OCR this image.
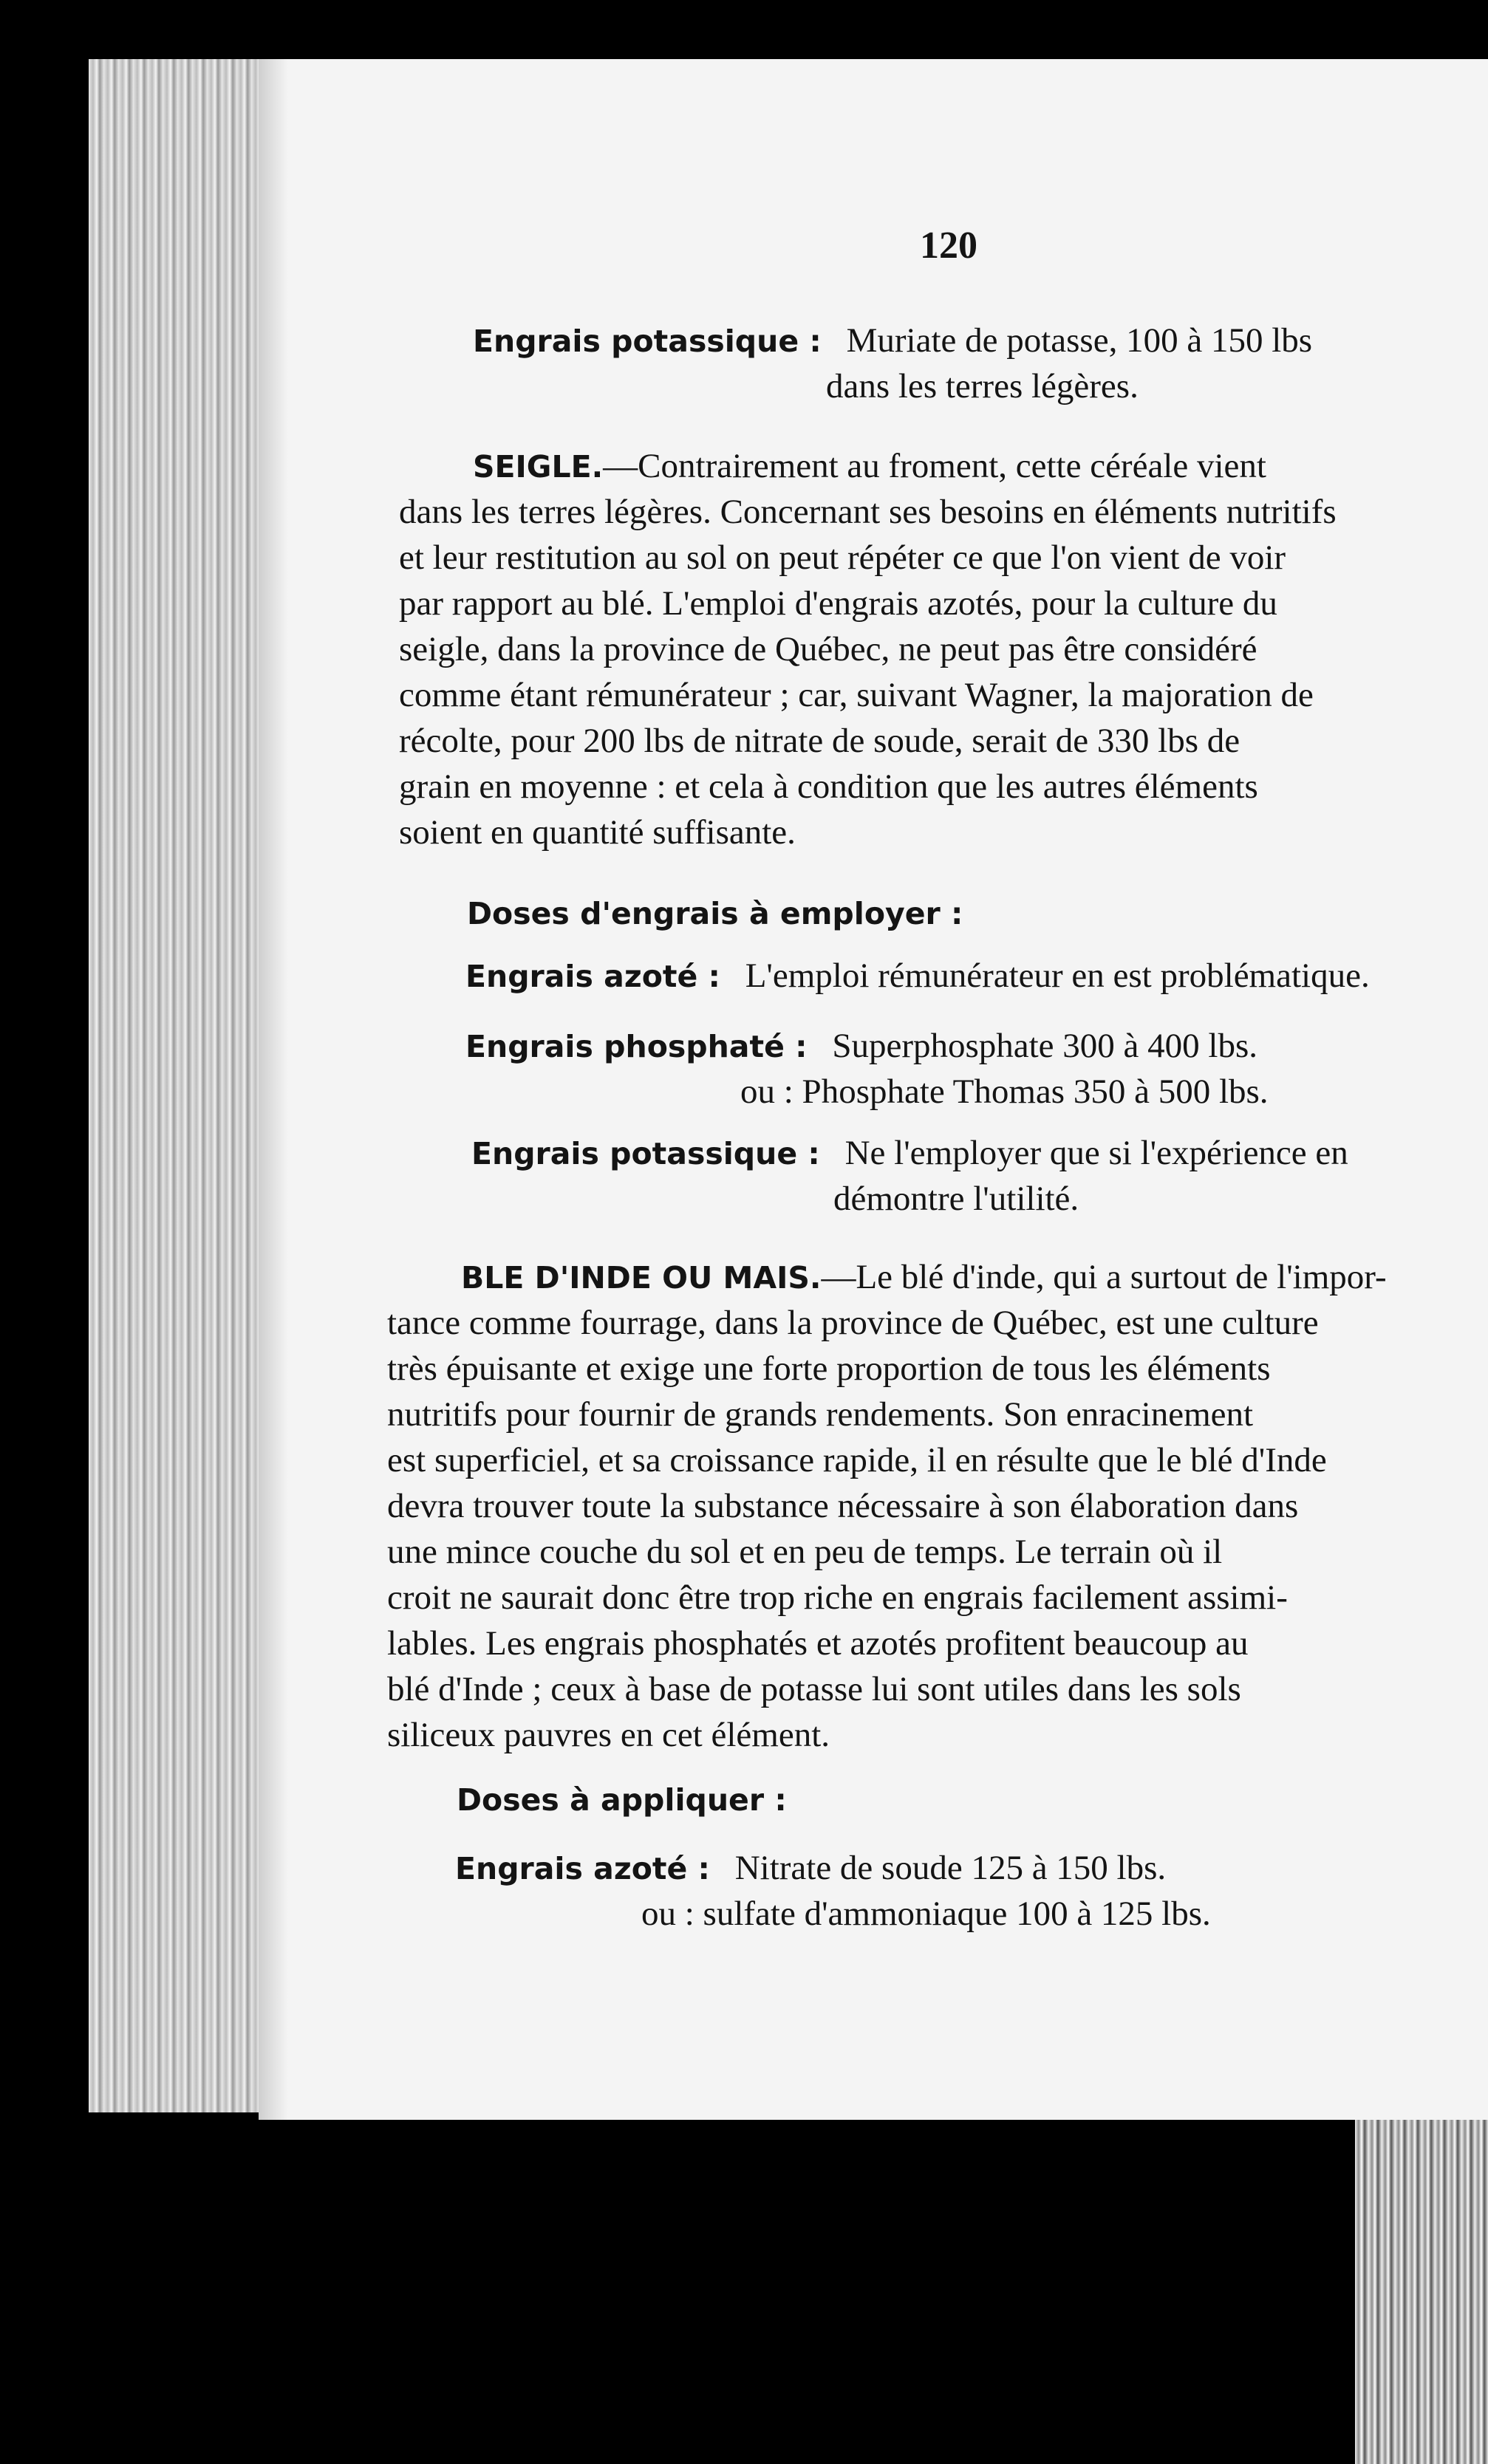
120
Engrais potassique : Muriate de potasse, 100 à 150 lbs
dans les terres légères.
SEIGLE.—Contrairement au froment, cette céréale vient
dans les terres légères. Concernant ses besoins en éléments nutritifs
et leur restitution au sol on peut répéter ce que l'on vient de voir
par rapport au blé. L'emploi d'engrais azotés, pour la culture du
seigle, dans la province de Québec, ne peut pas être considéré
comme étant rémunérateur ; car, suivant Wagner, la majoration de
récolte, pour 200 lbs de nitrate de soude, serait de 330 lbs de
grain en moyenne : et cela à condition que les autres éléments
soient en quantité suffisante.
Doses d'engrais à employer :
Engrais azoté : L'emploi rémunérateur en est problématique.
Engrais phosphaté : Superphosphate 300 à 400 lbs.
ou : Phosphate Thomas 350 à 500 lbs.
Engrais potassique : Ne l'employer que si l'expérience en
démontre l'utilité.
BLE D'INDE OU MAIS.—Le blé d'inde, qui a surtout de l'impor-
tance comme fourrage, dans la province de Québec, est une culture
très épuisante et exige une forte proportion de tous les éléments
nutritifs pour fournir de grands rendements. Son enracinement
est superficiel, et sa croissance rapide, il en résulte que le blé d'Inde
devra trouver toute la substance nécessaire à son élaboration dans
une mince couche du sol et en peu de temps. Le terrain où il
croit ne saurait donc être trop riche en engrais facilement assimi-
lables. Les engrais phosphatés et azotés profitent beaucoup au
blé d'Inde ; ceux à base de potasse lui sont utiles dans les sols
siliceux pauvres en cet élément.
Doses à appliquer :
Engrais azoté : Nitrate de soude 125 à 150 lbs.
ou : sulfate d'ammoniaque 100 à 125 lbs.
